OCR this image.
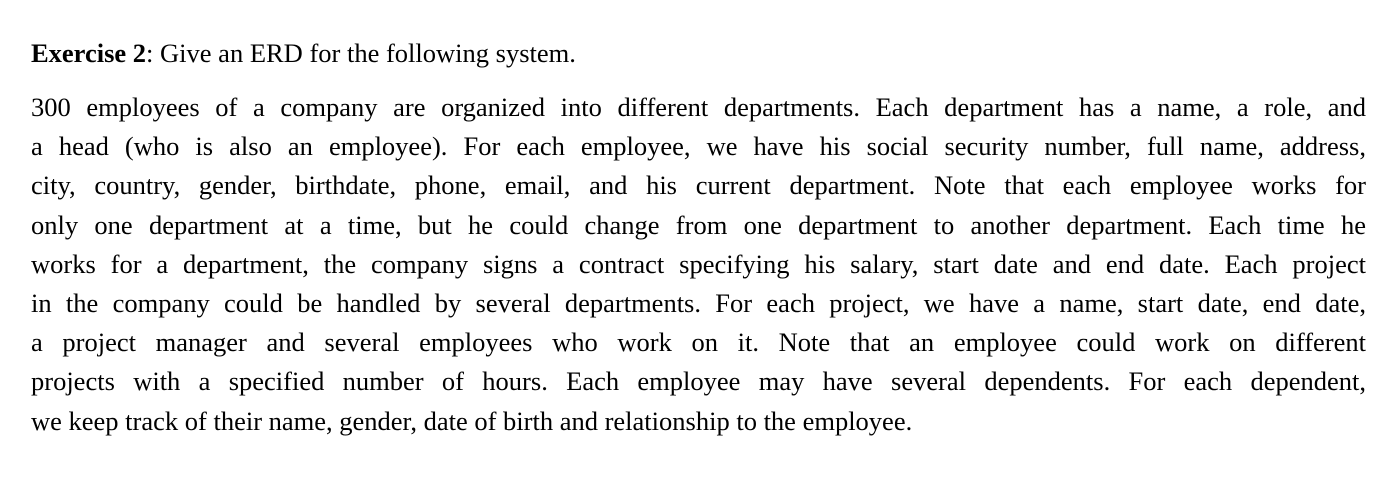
Exercise 2: Give an ERD for the following system.

300 employees of a company are organized into different departments. Each department has a name, a role, and
a head (who is also an employee). For each employee, we have his social security number, full name, address,
city, country, gender, birthdate, phone, email, and his current department. Note that each employee works for
only one department at a time, but he could change from one department to another department. Each time he
works for a department, the company signs a contract specifying his salary, start date and end date. Each project
in the company could be handled by several departments. For each project, we have a name, start date, end date,
a project manager and several employees who work on it. Note that an employee could work on different
projects with a specified number of hours. Each employee may have several dependents. For each dependent,
we keep track of their name, gender, date of birth and relationship to the employee.
